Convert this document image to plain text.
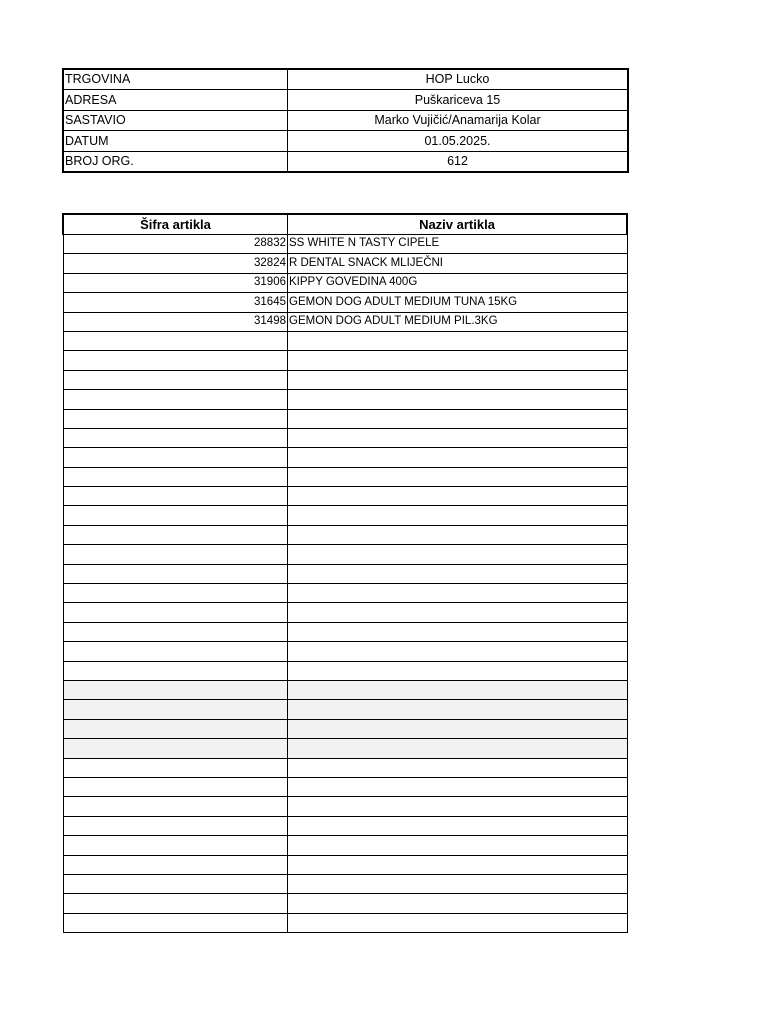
TRGOVINA	HOP Lucko
ADRESA	Puškariceva 15
SASTAVIO	Marko Vujičić/Anamarija Kolar
DATUM	01.05.2025.
BROJ ORG.	612
Šifra artikla	Naziv artikla
28832	SS WHITE N TASTY CIPELE
32824	R DENTAL SNACK MLIJEČNI
31906	KIPPY GOVEDINA 400G
31645	GEMON DOG ADULT MEDIUM TUNA 15KG
31498	GEMON DOG ADULT MEDIUM PIL.3KG
